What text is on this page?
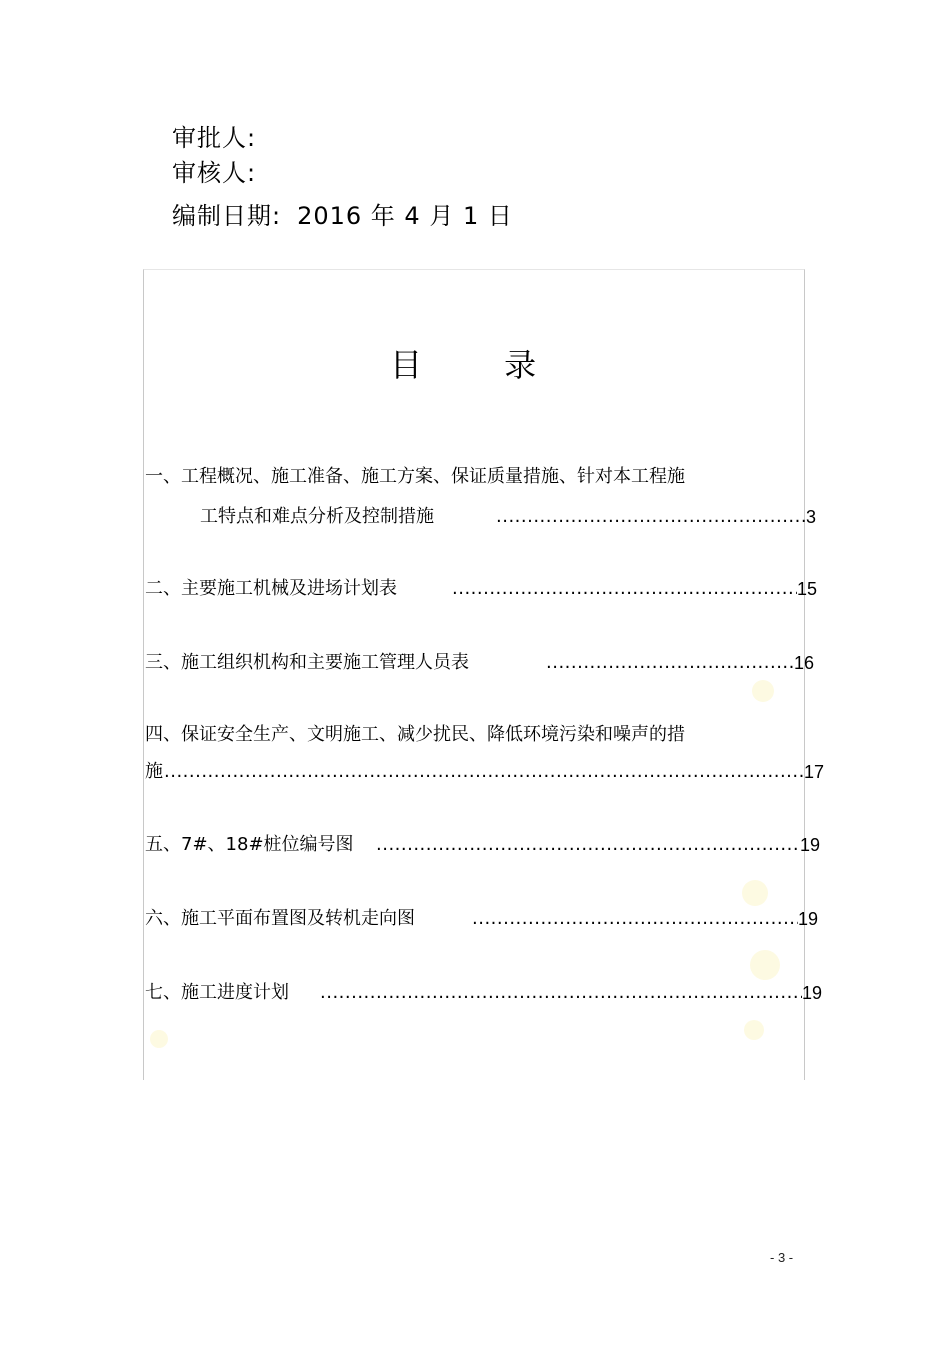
审批人:
审核人:
编制日期: 2016 年 4 月 1 日
目 录
一、工程概况、施工准备、施工方案、保证质量措施、针对本工程施
工特点和难点分析及控制措施 .....	3
二、主要施工机械及进场计划表 .....	15
三、施工组织机构和主要施工管理人员表 .....	16
四、保证安全生产、文明施工、减少扰民、降低环境污染和噪声的措
施 .....	17
五、7#、18#桩位编号图 .....	19
六、施工平面布置图及转机走向图 .....	19
七、施工进度计划 .....	19
- 3 -
